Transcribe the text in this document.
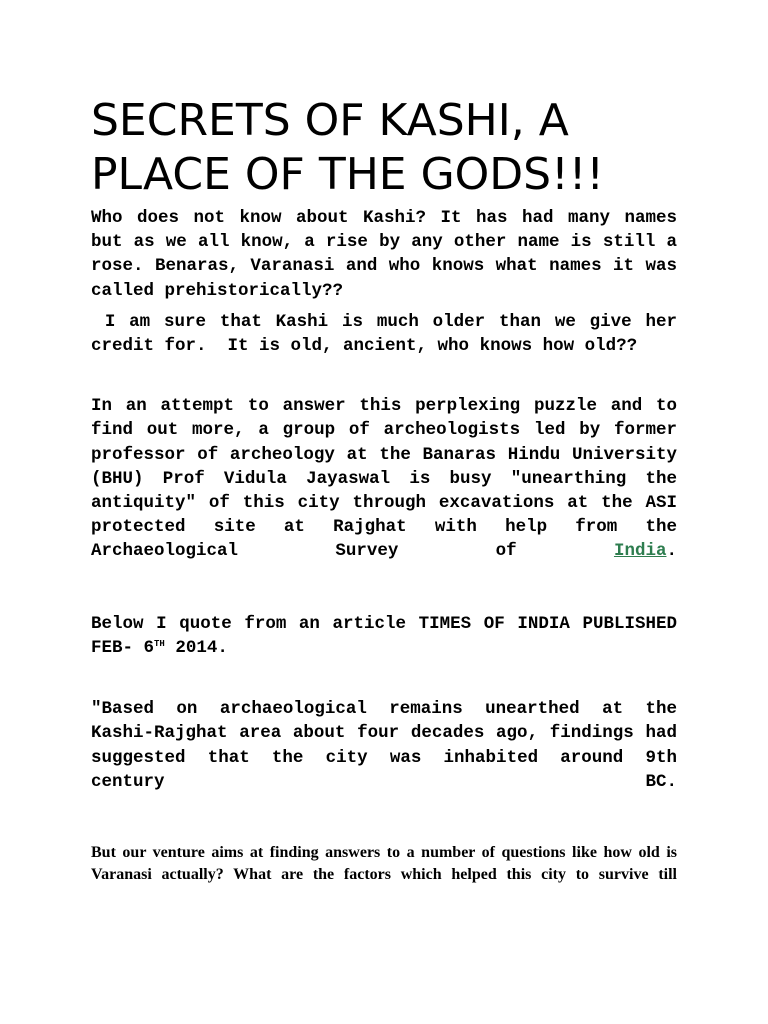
SECRETS OF KASHI, A PLACE OF THE GODS!!!

Who does not know about Kashi? It has had many names but as we all know, a rise by any other name is still a rose. Benaras, Varanasi and who knows what names it was called prehistorically??

I am sure that Kashi is much older than we give her credit for.  It is old, ancient, who knows how old??

In an attempt to answer this perplexing puzzle and to find out more, a group of archeologists led by former professor of archeology at the Banaras Hindu University (BHU) Prof Vidula Jayaswal is busy "unearthing the antiquity" of this city through excavations at the ASI protected site at Rajghat with help from the Archaeological Survey of India.

Below I quote from an article TIMES OF INDIA PUBLISHED FEB- 6TH 2014.

"Based on archaeological remains unearthed at the Kashi-Rajghat area about four decades ago, findings had suggested that the city was inhabited around 9th century BC.

But our venture aims at finding answers to a number of questions like how old is Varanasi actually? What are the factors which helped this city to survive till
